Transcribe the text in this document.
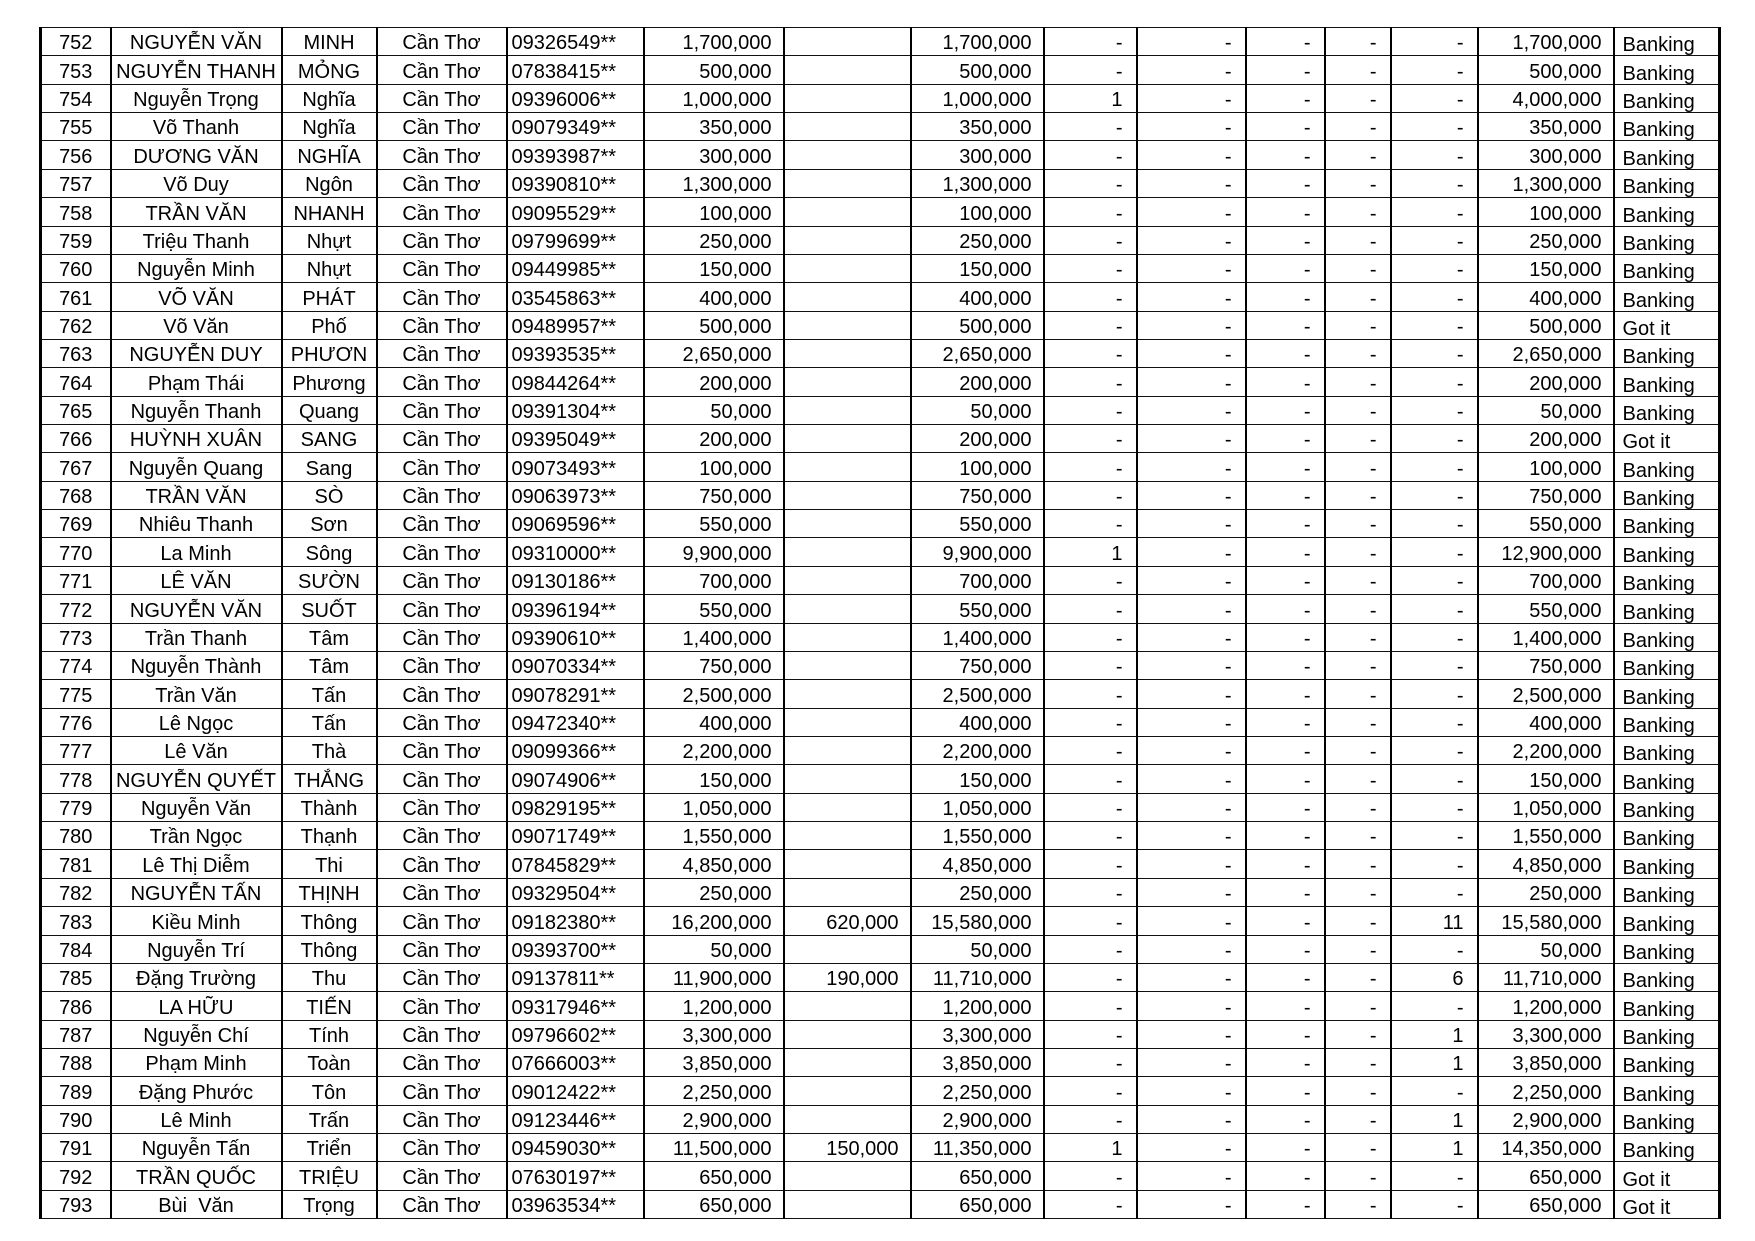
752	NGUYỄN VĂN	MINH	Cần Thơ	09326549**	1,700,000		1,700,000	-	-	-	-	-	1,700,000	Banking
753	NGUYỄN THANH	MỎNG	Cần Thơ	07838415**	500,000		500,000	-	-	-	-	-	500,000	Banking
754	Nguyễn Trọng	Nghĩa	Cần Thơ	09396006**	1,000,000		1,000,000	1	-	-	-	-	4,000,000	Banking
755	Võ Thanh	Nghĩa	Cần Thơ	09079349**	350,000		350,000	-	-	-	-	-	350,000	Banking
756	DƯƠNG VĂN	NGHĨA	Cần Thơ	09393987**	300,000		300,000	-	-	-	-	-	300,000	Banking
757	Võ Duy	Ngôn	Cần Thơ	09390810**	1,300,000		1,300,000	-	-	-	-	-	1,300,000	Banking
758	TRẦN VĂN	NHANH	Cần Thơ	09095529**	100,000		100,000	-	-	-	-	-	100,000	Banking
759	Triệu Thanh	Nhựt	Cần Thơ	09799699**	250,000		250,000	-	-	-	-	-	250,000	Banking
760	Nguyễn Minh	Nhựt	Cần Thơ	09449985**	150,000		150,000	-	-	-	-	-	150,000	Banking
761	VÕ VĂN	PHÁT	Cần Thơ	03545863**	400,000		400,000	-	-	-	-	-	400,000	Banking
762	Võ Văn	Phố	Cần Thơ	09489957**	500,000		500,000	-	-	-	-	-	500,000	Got it
763	NGUYỄN DUY	PHƯƠN	Cần Thơ	09393535**	2,650,000		2,650,000	-	-	-	-	-	2,650,000	Banking
764	Phạm Thái	Phương	Cần Thơ	09844264**	200,000		200,000	-	-	-	-	-	200,000	Banking
765	Nguyễn Thanh	Quang	Cần Thơ	09391304**	50,000		50,000	-	-	-	-	-	50,000	Banking
766	HUỲNH XUÂN	SANG	Cần Thơ	09395049**	200,000		200,000	-	-	-	-	-	200,000	Got it
767	Nguyễn Quang	Sang	Cần Thơ	09073493**	100,000		100,000	-	-	-	-	-	100,000	Banking
768	TRẦN VĂN	SÒ	Cần Thơ	09063973**	750,000		750,000	-	-	-	-	-	750,000	Banking
769	Nhiêu Thanh	Sơn	Cần Thơ	09069596**	550,000		550,000	-	-	-	-	-	550,000	Banking
770	La Minh	Sông	Cần Thơ	09310000**	9,900,000		9,900,000	1	-	-	-	-	12,900,000	Banking
771	LÊ VĂN	SƯỜN	Cần Thơ	09130186**	700,000		700,000	-	-	-	-	-	700,000	Banking
772	NGUYỄN VĂN	SUỐT	Cần Thơ	09396194**	550,000		550,000	-	-	-	-	-	550,000	Banking
773	Trần Thanh	Tâm	Cần Thơ	09390610**	1,400,000		1,400,000	-	-	-	-	-	1,400,000	Banking
774	Nguyễn Thành	Tâm	Cần Thơ	09070334**	750,000		750,000	-	-	-	-	-	750,000	Banking
775	Trần Văn	Tấn	Cần Thơ	09078291**	2,500,000		2,500,000	-	-	-	-	-	2,500,000	Banking
776	Lê Ngọc	Tấn	Cần Thơ	09472340**	400,000		400,000	-	-	-	-	-	400,000	Banking
777	Lê Văn	Thà	Cần Thơ	09099366**	2,200,000		2,200,000	-	-	-	-	-	2,200,000	Banking
778	NGUYỄN QUYẾT	THẮNG	Cần Thơ	09074906**	150,000		150,000	-	-	-	-	-	150,000	Banking
779	Nguyễn Văn	Thành	Cần Thơ	09829195**	1,050,000		1,050,000	-	-	-	-	-	1,050,000	Banking
780	Trần Ngọc	Thạnh	Cần Thơ	09071749**	1,550,000		1,550,000	-	-	-	-	-	1,550,000	Banking
781	Lê Thị Diễm	Thi	Cần Thơ	07845829**	4,850,000		4,850,000	-	-	-	-	-	4,850,000	Banking
782	NGUYỄN TẤN	THỊNH	Cần Thơ	09329504**	250,000		250,000	-	-	-	-	-	250,000	Banking
783	Kiều Minh	Thông	Cần Thơ	09182380**	16,200,000	620,000	15,580,000	-	-	-	-	11	15,580,000	Banking
784	Nguyễn Trí	Thông	Cần Thơ	09393700**	50,000		50,000	-	-	-	-	-	50,000	Banking
785	Đặng Trường	Thu	Cần Thơ	09137811**	11,900,000	190,000	11,710,000	-	-	-	-	6	11,710,000	Banking
786	LA HỮU	TIẾN	Cần Thơ	09317946**	1,200,000		1,200,000	-	-	-	-	-	1,200,000	Banking
787	Nguyễn Chí	Tính	Cần Thơ	09796602**	3,300,000		3,300,000	-	-	-	-	1	3,300,000	Banking
788	Phạm Minh	Toàn	Cần Thơ	07666003**	3,850,000		3,850,000	-	-	-	-	1	3,850,000	Banking
789	Đặng Phước	Tôn	Cần Thơ	09012422**	2,250,000		2,250,000	-	-	-	-	-	2,250,000	Banking
790	Lê Minh	Trấn	Cần Thơ	09123446**	2,900,000		2,900,000	-	-	-	-	1	2,900,000	Banking
791	Nguyễn Tấn	Triển	Cần Thơ	09459030**	11,500,000	150,000	11,350,000	1	-	-	-	1	14,350,000	Banking
792	TRẦN QUỐC	TRIỆU	Cần Thơ	07630197**	650,000		650,000	-	-	-	-	-	650,000	Got it
793	Bùi  Văn	Trọng	Cần Thơ	03963534**	650,000		650,000	-	-	-	-	-	650,000	Got it
